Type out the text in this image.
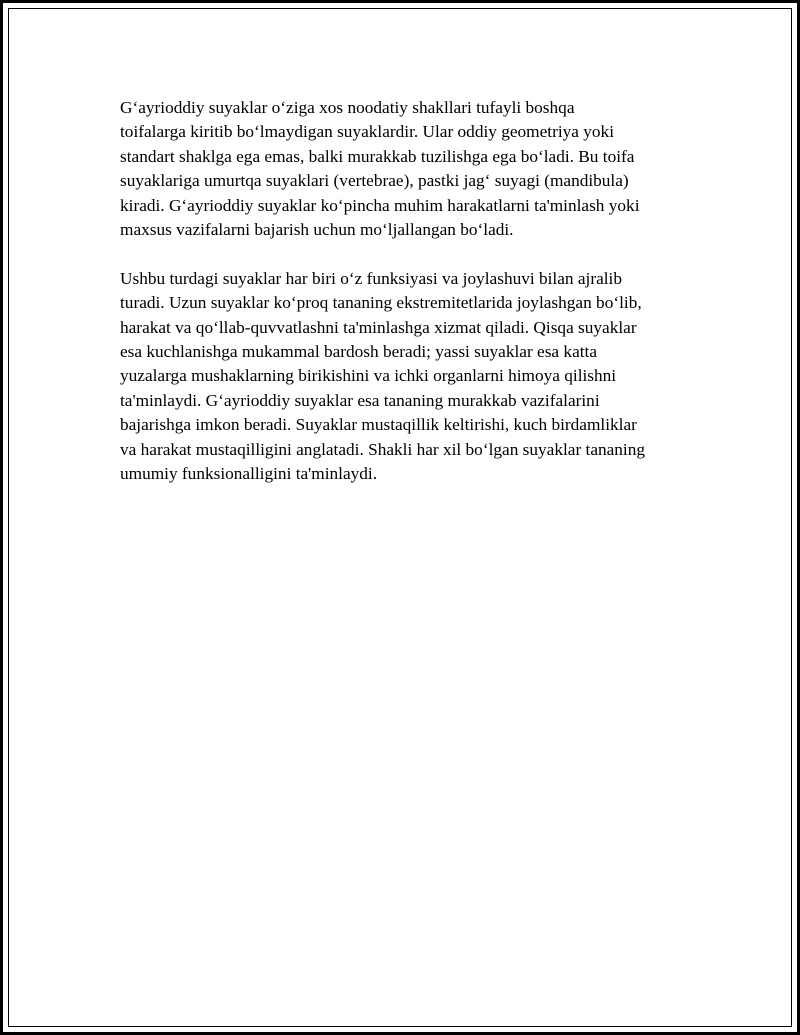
G‘ayrioddiy suyaklar o‘ziga xos noodatiy shakllari tufayli boshqa
toifalarga kiritib bo‘lmaydigan suyaklardir. Ular oddiy geometriya yoki
standart shaklga ega emas, balki murakkab tuzilishga ega bo‘ladi. Bu toifa
suyaklariga umurtqa suyaklari (vertebrae), pastki jag‘ suyagi (mandibula)
kiradi. G‘ayrioddiy suyaklar ko‘pincha muhim harakatlarni ta'minlash yoki
maxsus vazifalarni bajarish uchun mo‘ljallangan bo‘ladi.

Ushbu turdagi suyaklar har biri o‘z funksiyasi va joylashuvi bilan ajralib
turadi. Uzun suyaklar ko‘proq tananing ekstremitetlarida joylashgan bo‘lib,
harakat va qo‘llab-quvvatlashni ta'minlashga xizmat qiladi. Qisqa suyaklar
esa kuchlanishga mukammal bardosh beradi; yassi suyaklar esa katta
yuzalarga mushaklarning birikishini va ichki organlarni himoya qilishni
ta'minlaydi. G‘ayrioddiy suyaklar esa tananing murakkab vazifalarini
bajarishga imkon beradi. Suyaklar mustaqillik keltirishi, kuch birdamliklar
va harakat mustaqilligini anglatadi. Shakli har xil bo‘lgan suyaklar tananing
umumiy funksionalligini ta'minlaydi.
